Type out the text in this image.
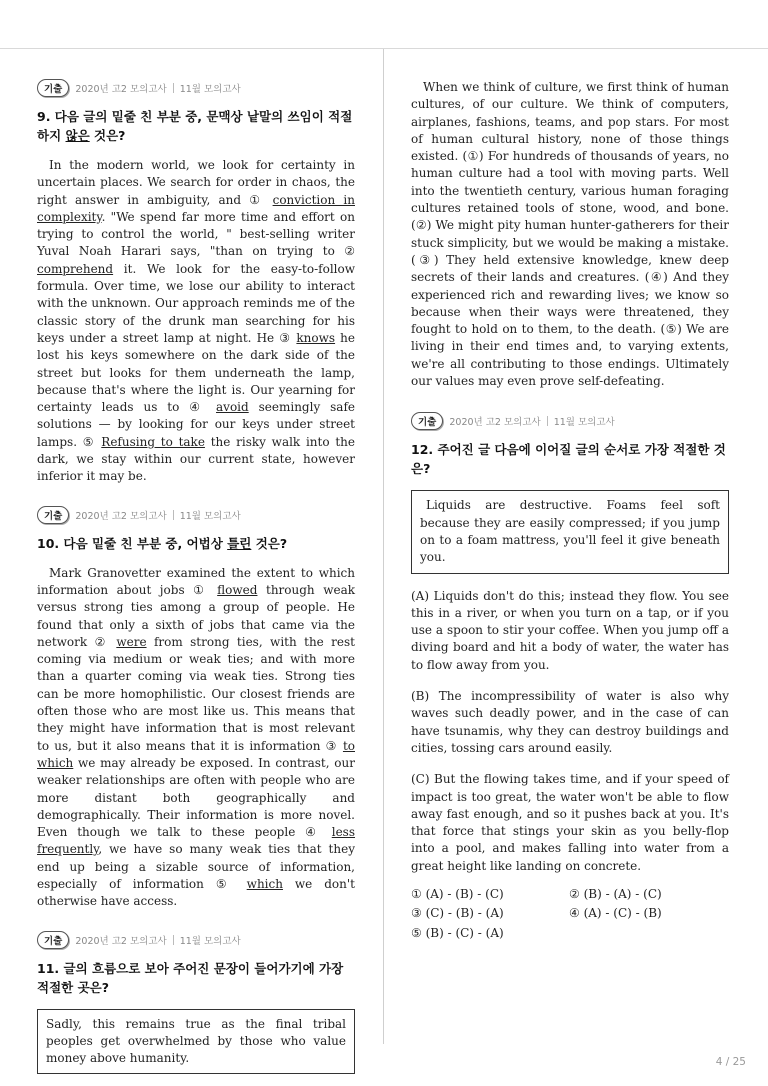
기출	2020년 고2 모의고사 11월 모의고사
9. 다음 글의 밑줄 친 부분 중, 문맥상 낱말의 쓰임이 적절하지 않은 것은?

In the modern world, we look for certainty in uncertain places. We search for order in chaos, the right answer in ambiguity, and ① conviction in complexity. "We spend far more time and effort on trying to control the world, " best-selling writer Yuval Noah Harari says, "than on trying to ② comprehend it. We look for the easy-to-follow formula. Over time, we lose our ability to interact with the unknown. Our approach reminds me of the classic story of the drunk man searching for his keys under a street lamp at night. He ③ knows he lost his keys somewhere on the dark side of the street but looks for them underneath the lamp, because that's where the light is. Our yearning for certainty leads us to ④ avoid seemingly safe solutions — by looking for our keys under street lamps. ⑤ Refusing to take the risky walk into the dark, we stay within our current state, however inferior it may be.

기출	2020년 고2 모의고사 11월 모의고사
10. 다음 밑줄 친 부분 중, 어법상 틀린 것은?

Mark Granovetter examined the extent to which information about jobs ① flowed through weak versus strong ties among a group of people. He found that only a sixth of jobs that came via the network ② were from strong ties, with the rest coming via medium or weak ties; and with more than a quarter coming via weak ties. Strong ties can be more homophilistic. Our closest friends are often those who are most like us. This means that they might have information that is most relevant to us, but it also means that it is information ③ to which we may already be exposed. In contrast, our weaker relationships are often with people who are more distant both geographically and demographically. Their information is more novel. Even though we talk to these people ④ less frequently, we have so many weak ties that they end up being a sizable source of information, especially of information ⑤ which we don't otherwise have access.

기출	2020년 고2 모의고사 11월 모의고사
11. 글의 흐름으로 보아 주어진 문장이 들어가기에 가장 적절한 곳은?
Sadly, this remains true as the final tribal peoples get overwhelmed by those who value money above humanity.

When we think of culture, we first think of human cultures, of our culture. We think of computers, airplanes, fashions, teams, and pop stars. For most of human cultural history, none of those things existed. (①) For hundreds of thousands of years, no human culture had a tool with moving parts. Well into the twentieth century, various human foraging cultures retained tools of stone, wood, and bone. (②) We might pity human hunter-gatherers for their stuck simplicity, but we would be making a mistake. (③) They held extensive knowledge, knew deep secrets of their lands and creatures. (④) And they experienced rich and rewarding lives; we know so because when their ways were threatened, they fought to hold on to them, to the death. (⑤) We are living in their end times and, to varying extents, we're all contributing to those endings. Ultimately our values may even prove self-defeating.

기출	2020년 고2 모의고사 11월 모의고사
12. 주어진 글 다음에 이어질 글의 순서로 가장 적절한 것은?
Liquids are destructive. Foams feel soft because they are easily compressed; if you jump on to a foam mattress, you'll feel it give beneath you.

(A) Liquids don't do this; instead they flow. You see this in a river, or when you turn on a tap, or if you use a spoon to stir your coffee. When you jump off a diving board and hit a body of water, the water has to flow away from you.

(B) The incompressibility of water is also why waves such deadly power, and in the case of can have tsunamis, why they can destroy buildings and cities, tossing cars around easily.

(C) But the flowing takes time, and if your speed of impact is too great, the water won't be able to flow away fast enough, and so it pushes back at you. It's that force that stings your skin as you belly-flop into a pool, and makes falling into water from a great height like landing on concrete.

① (A) - (B) - (C)	② (B) - (A) - (C)
③ (C) - (B) - (A)	④ (A) - (C) - (B)
⑤ (B) - (C) - (A)
4 / 25
